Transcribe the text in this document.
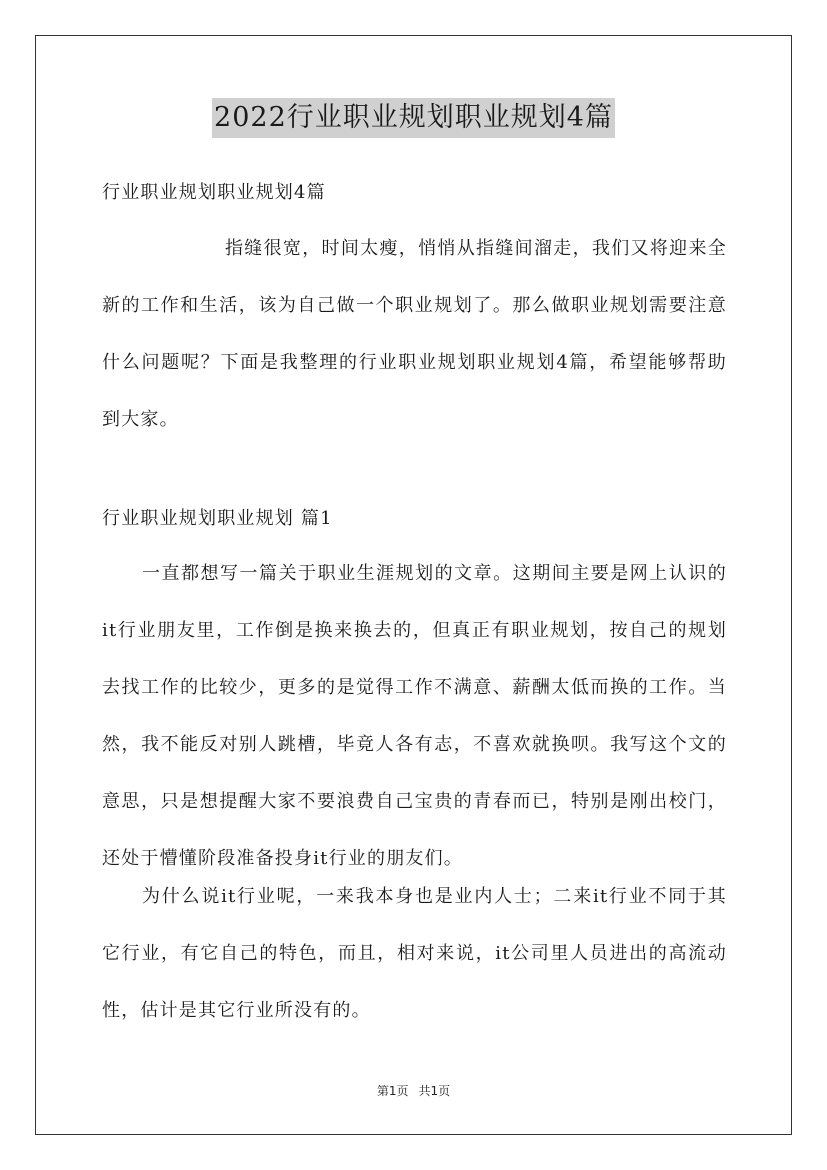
2022行业职业规划职业规划4篇
行业职业规划职业规划4篇
指缝很宽，时间太瘦，悄悄从指缝间溜走，我们又将迎来全新的工作和生活，该为自己做一个职业规划了。那么做职业规划需要注意什么问题呢？下面是我整理的行业职业规划职业规划4篇，希望能够帮助到大家。
行业职业规划职业规划 篇1
一直都想写一篇关于职业生涯规划的文章。这期间主要是网上认识的it行业朋友里，工作倒是换来换去的，但真正有职业规划，按自己的规划去找工作的比较少，更多的是觉得工作不满意、薪酬太低而换的工作。当然，我不能反对别人跳槽，毕竟人各有志，不喜欢就换呗。我写这个文的意思，只是想提醒大家不要浪费自己宝贵的青春而已，特别是刚出校门，还处于懵懂阶段准备投身it行业的朋友们。
为什么说it行业呢，一来我本身也是业内人士；二来it行业不同于其它行业，有它自己的特色，而且，相对来说，it公司里人员进出的高流动性，估计是其它行业所没有的。
第1页 共1页
